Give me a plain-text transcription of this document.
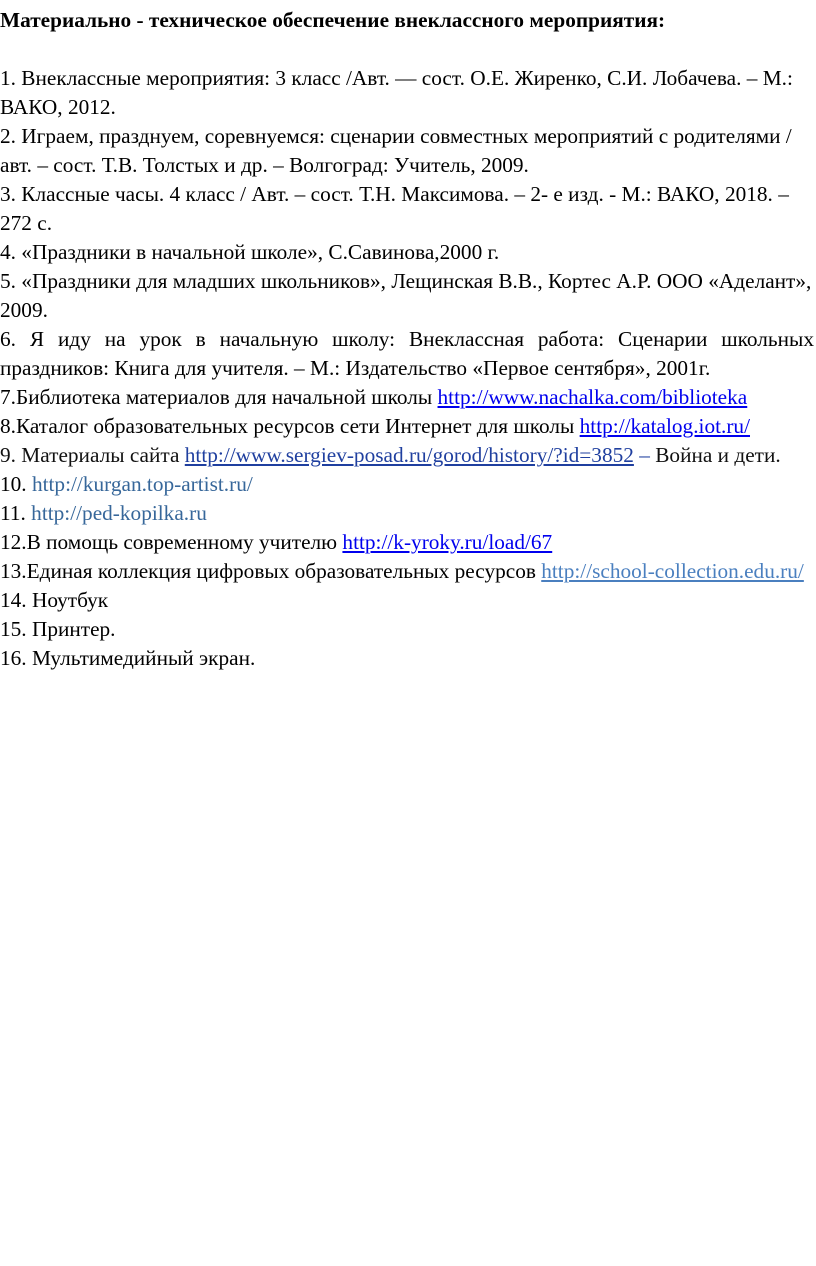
Материально - техническое обеспечение внеклассного мероприятия:

1. Внеклассные мероприятия: 3 класс /Авт. — сост. О.Е. Жиренко, С.И. Лобачева. – М.: ВАКО, 2012.

2. Играем, празднуем, соревнуемся: сценарии совместных мероприятий с родителями / авт. – сост. Т.В. Толстых и др. – Волгоград: Учитель, 2009.

3. Классные часы. 4 класс / Авт. – сост. Т.Н. Максимова. – 2- е изд. - М.: ВАКО, 2018. – 272 с.

4. «Праздники в начальной школе», С.Савинова,2000 г.

5. «Праздники для младших школьников», Лещинская В.В., Кортес А.Р. ООО «Аделант», 2009.

6. Я иду на урок в начальную школу: Внеклассная работа: Сценарии школьных праздников: Книга для учителя. – М.: Издательство «Первое сентября», 2001г.

7.Библиотека материалов для начальной школы http://www.nachalka.com/biblioteka

8.Каталог образовательных ресурсов сети Интернет для школы http://katalog.iot.ru/

9. Материалы сайта http://www.sergiev-posad.ru/gorod/history/?id=3852 – Война и дети.

10. http://kurgan.top-artist.ru/

11. http://ped-kopilka.ru

12.В помощь современному учителю http://k-yroky.ru/load/67

13.Единая коллекция цифровых образовательных ресурсов http://school-collection.edu.ru/

14. Ноутбук

15. Принтер.

16. Мультимедийный экран.
